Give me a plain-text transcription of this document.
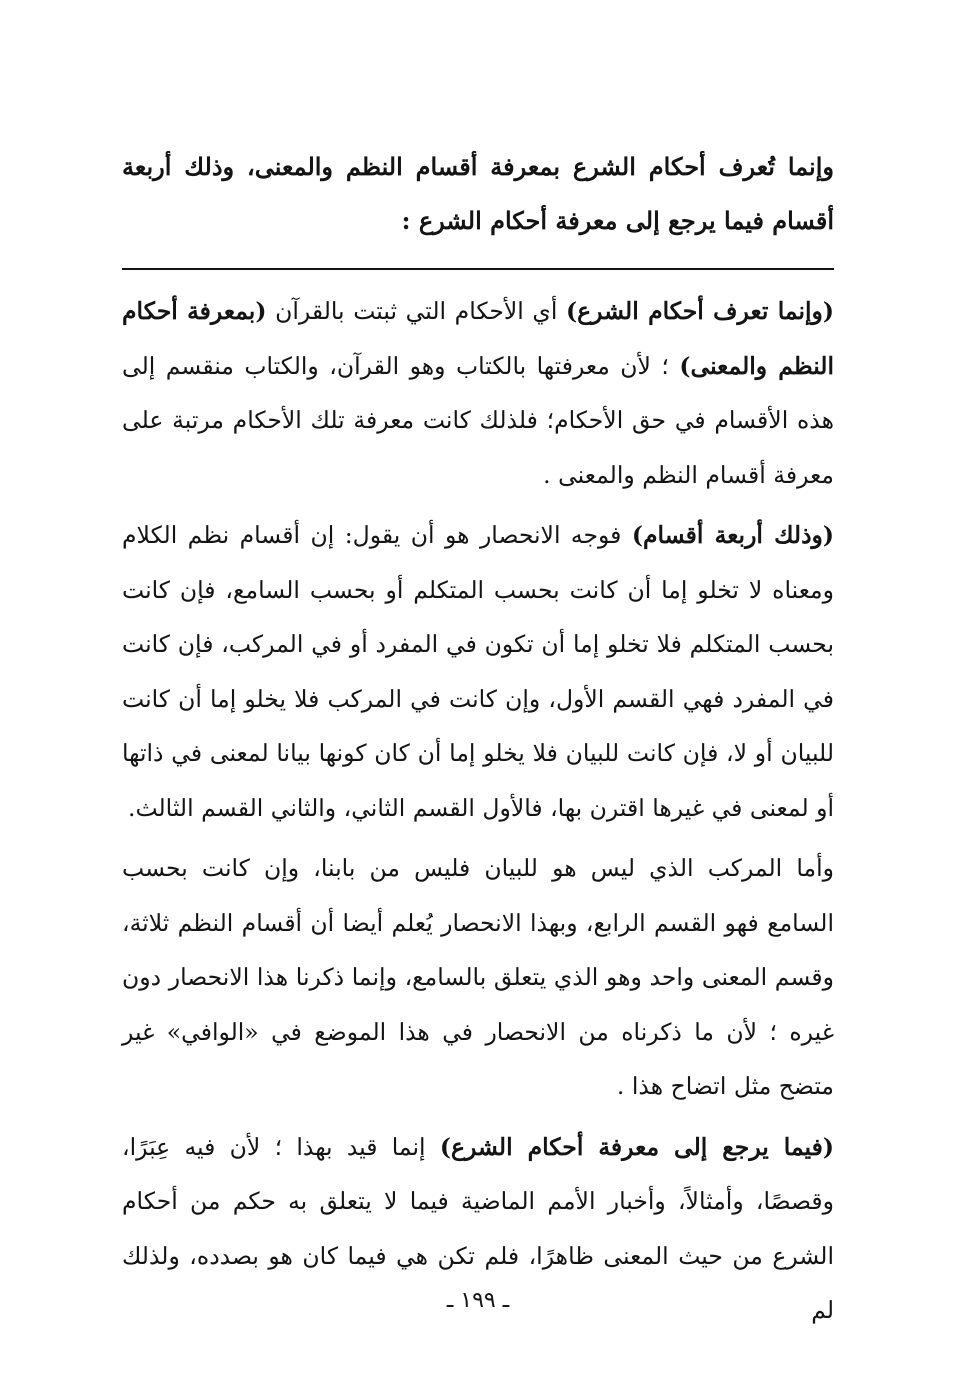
وإنما تُعرف أحكام الشرع بمعرفة أقسام النظم والمعنى، وذلك أربعة أقسام فيما يرجع إلى معرفة أحكام الشرع :

(وإنما تعرف أحكام الشرع) أي الأحكام التي ثبتت بالقرآن (بمعرفة أحكام النظم والمعنى) ؛ لأن معرفتها بالكتاب وهو القرآن، والكتاب منقسم إلى هذه الأقسام في حق الأحكام؛ فلذلك كانت معرفة تلك الأحكام مرتبة على معرفة أقسام النظم والمعنى .

(وذلك أربعة أقسام) فوجه الانحصار هو أن يقول: إن أقسام نظم الكلام ومعناه لا تخلو إما أن كانت بحسب المتكلم أو بحسب السامع، فإن كانت بحسب المتكلم فلا تخلو إما أن تكون في المفرد أو في المركب، فإن كانت في المفرد فهي القسم الأول، وإن كانت في المركب فلا يخلو إما أن كانت للبيان أو لا، فإن كانت للبيان فلا يخلو إما أن كان كونها بيانا لمعنى في ذاتها أو لمعنى في غيرها اقترن بها، فالأول القسم الثاني، والثاني القسم الثالث.

وأما المركب الذي ليس هو للبيان فليس من بابنا، وإن كانت بحسب السامع فهو القسم الرابع، وبهذا الانحصار يُعلم أيضا أن أقسام النظم ثلاثة، وقسم المعنى واحد وهو الذي يتعلق بالسامع، وإنما ذكرنا هذا الانحصار دون غيره ؛ لأن ما ذكرناه من الانحصار في هذا الموضع في «الوافي» غير متضح مثل اتضاح هذا .

(فيما يرجع إلى معرفة أحكام الشرع) إنما قيد بهذا ؛ لأن فيه عِبَرًا، وقصصًا، وأمثالاً، وأخبار الأمم الماضية فيما لا يتعلق به حكم من أحكام الشرع من حيث المعنى ظاهرًا، فلم تكن هي فيما كان هو بصدده، ولذلك لم

ـ ١٩٩ ـ
